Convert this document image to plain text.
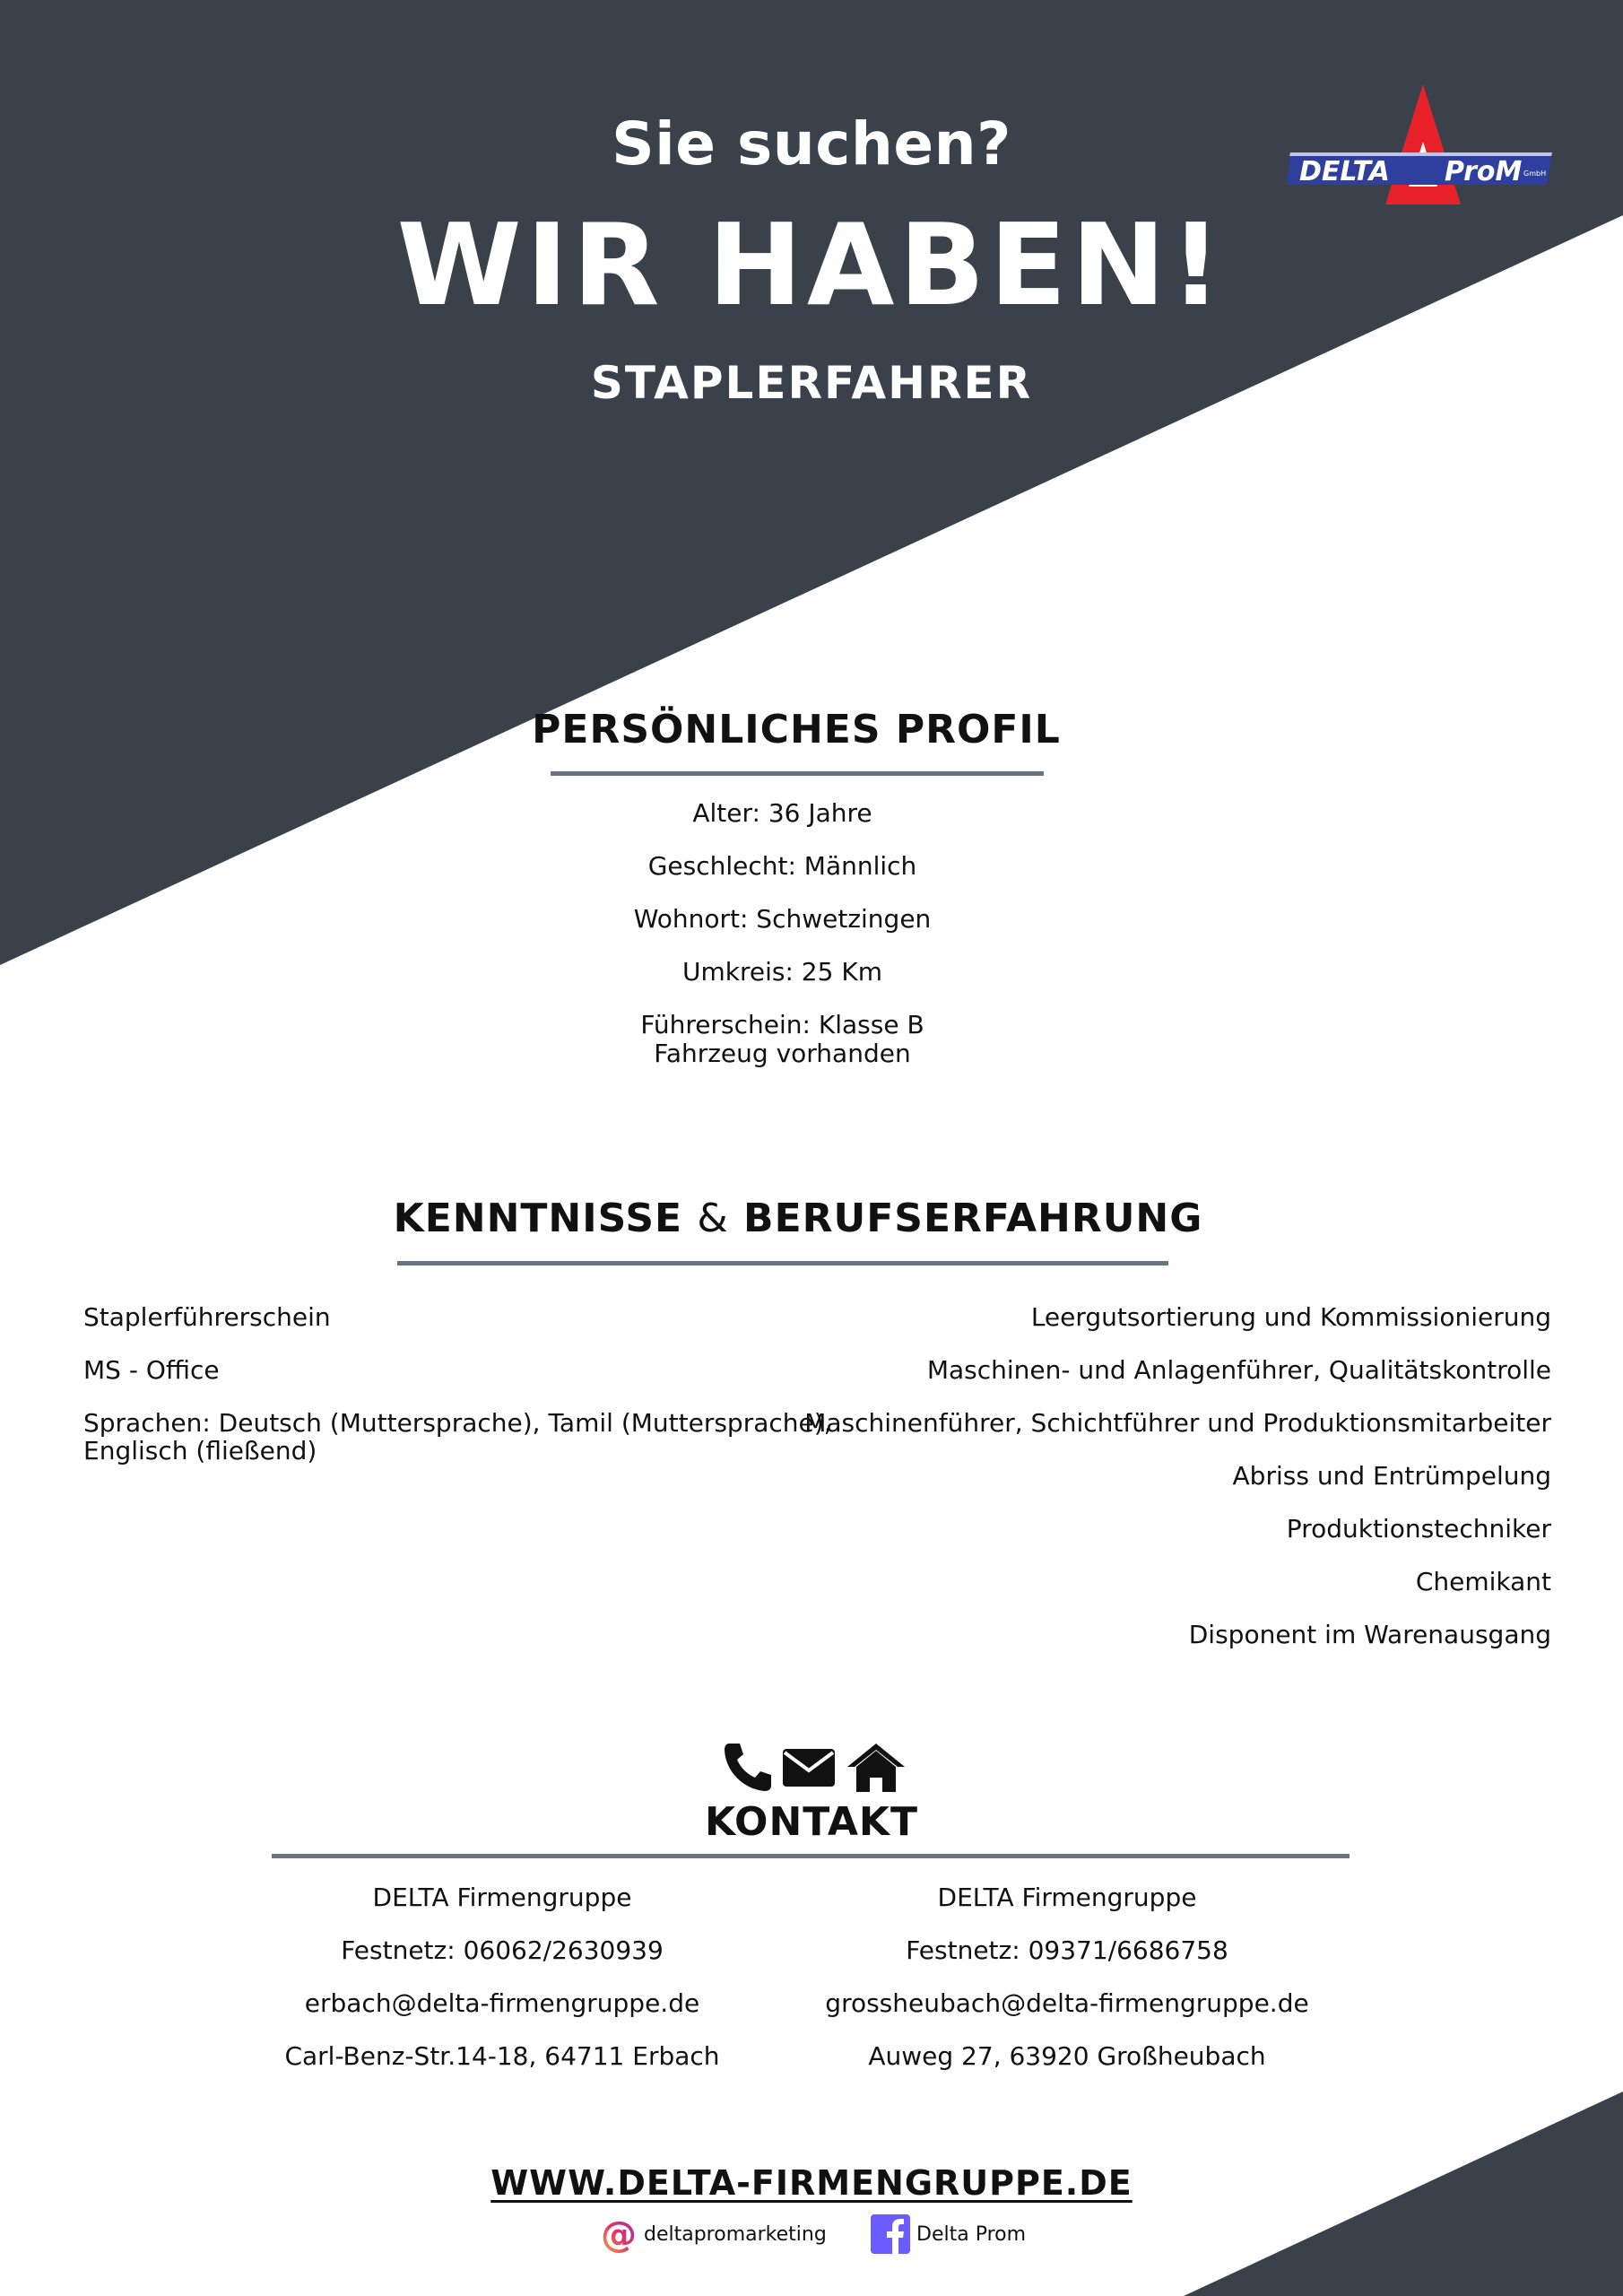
Sie suchen?
WIR HABEN!
STAPLERFAHRER
DELTA ProM GmbH
PERSÖNLICHES PROFIL
Alter: 36 Jahre
Geschlecht: Männlich
Wohnort: Schwetzingen
Umkreis: 25 Km
Führerschein: Klasse B
Fahrzeug vorhanden
KENNTNISSE & BERUFSERFAHRUNG
Staplerführerschein
MS - Office
Sprachen: Deutsch (Muttersprache), Tamil (Muttersprache), Englisch (fließend)
Leergutsortierung und Kommissionierung
Maschinen- und Anlagenführer, Qualitätskontrolle
Maschinenführer, Schichtführer und Produktionsmitarbeiter
Abriss und Entrümpelung
Produktionstechniker
Chemikant
Disponent im Warenausgang
KONTAKT
DELTA Firmengruppe
Festnetz: 06062/2630939
erbach@delta-firmengruppe.de
Carl-Benz-Str.14-18, 64711 Erbach
DELTA Firmengruppe
Festnetz: 09371/6686758
grossheubach@delta-firmengruppe.de
Auweg 27, 63920 Großheubach
WWW.DELTA-FIRMENGRUPPE.DE
@ deltapromarketing	Delta Prom
